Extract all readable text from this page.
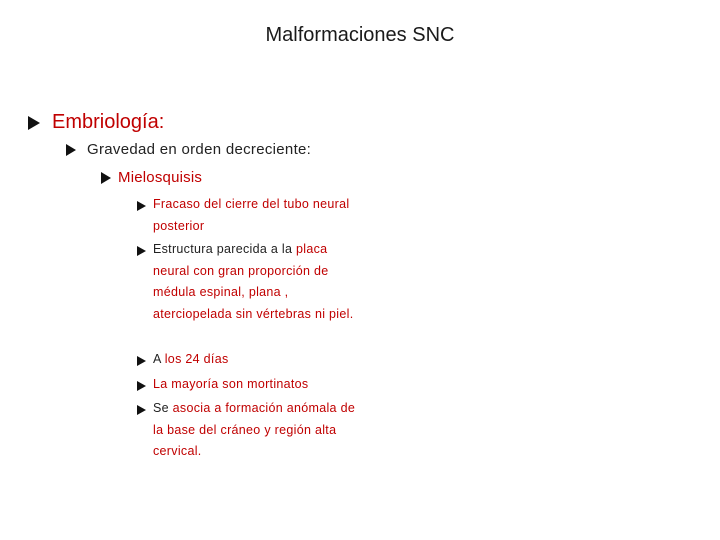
Malformaciones SNC
Embriología:
Gravedad en orden decreciente:
Mielosquisis
Fracaso del cierre del tubo neural posterior
Estructura parecida a la placa neural con gran proporción de médula espinal, plana , aterciopelada sin vértebras ni piel.
A los 24 días
La mayoría son mortinatos
Se asocia a formación anómala de la base del cráneo y región alta cervical.
